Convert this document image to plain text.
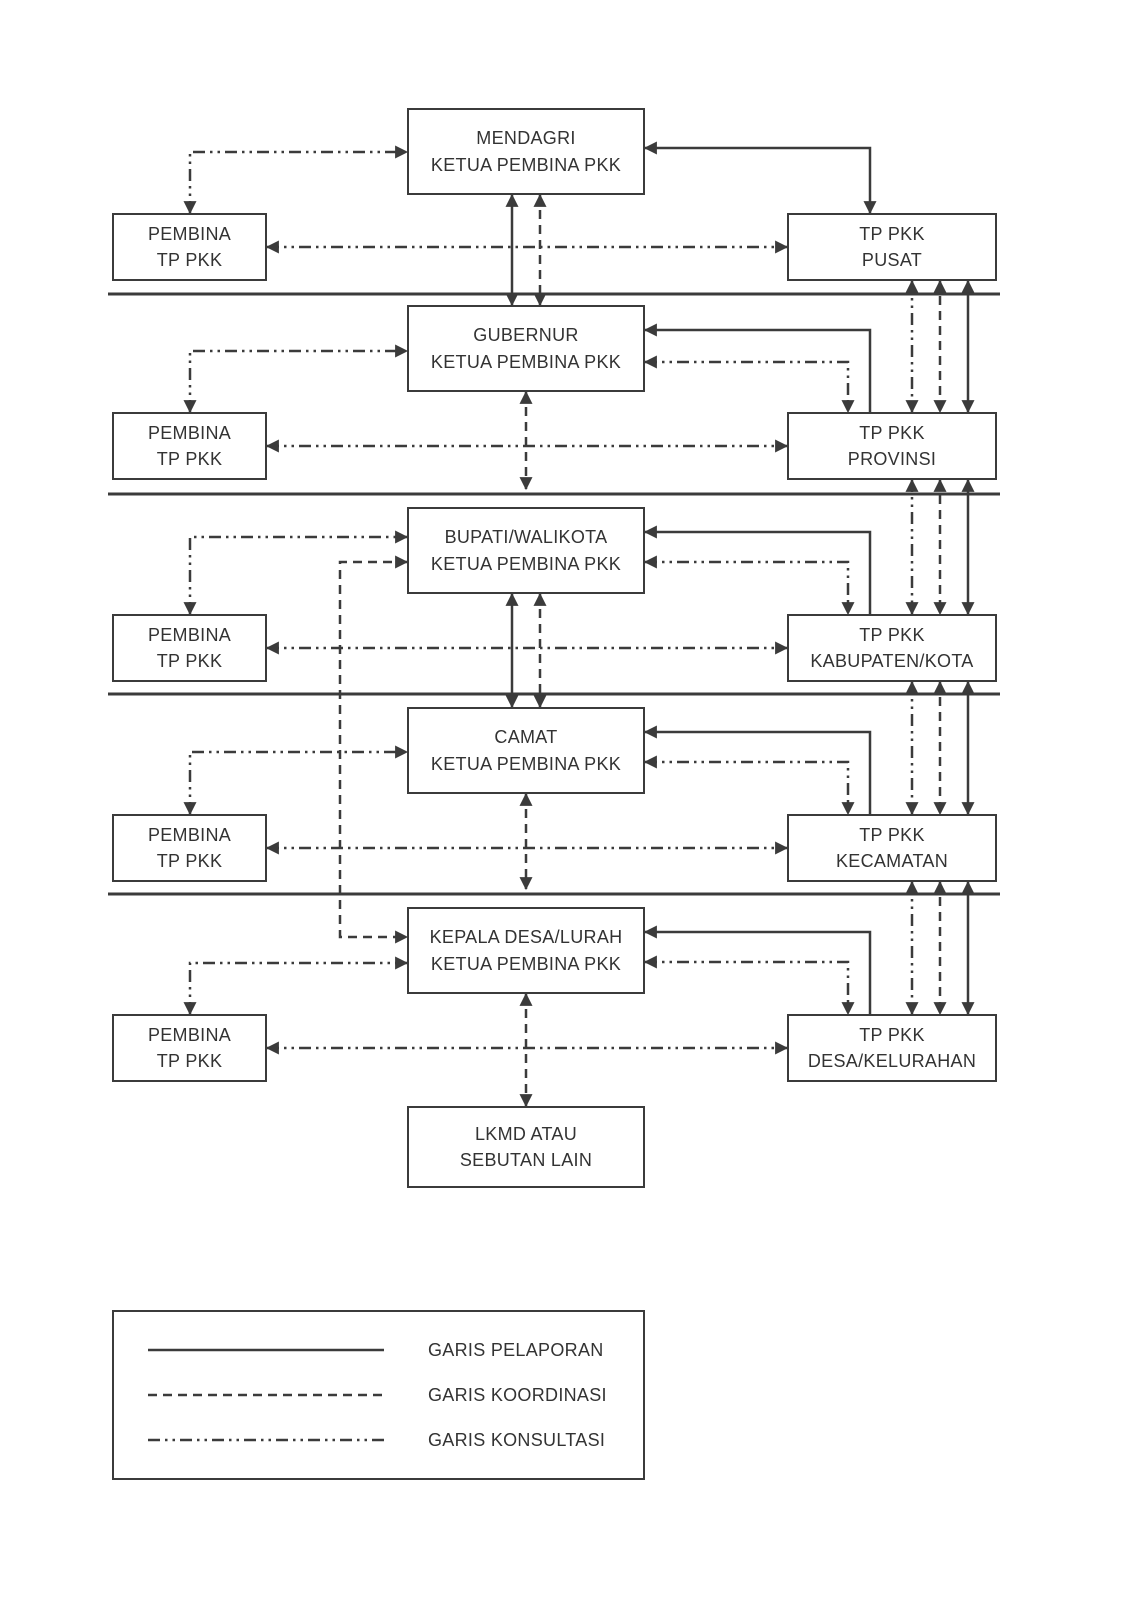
MENDAGRI
KETUA PEMBINA PKK
PEMBINA
TP PKK
TP PKK
PUSAT
GUBERNUR
KETUA PEMBINA PKK
PEMBINA
TP PKK
TP PKK
PROVINSI
BUPATI/WALIKOTA
KETUA PEMBINA PKK
PEMBINA
TP PKK
TP PKK
KABUPATEN/KOTA
CAMAT
KETUA PEMBINA PKK
PEMBINA
TP PKK
TP PKK
KECAMATAN
KEPALA DESA/LURAH
KETUA PEMBINA PKK
PEMBINA
TP PKK
TP PKK
DESA/KELURAHAN
LKMD ATAU
SEBUTAN LAIN
GARIS PELAPORAN
GARIS KOORDINASI
GARIS KONSULTASI
